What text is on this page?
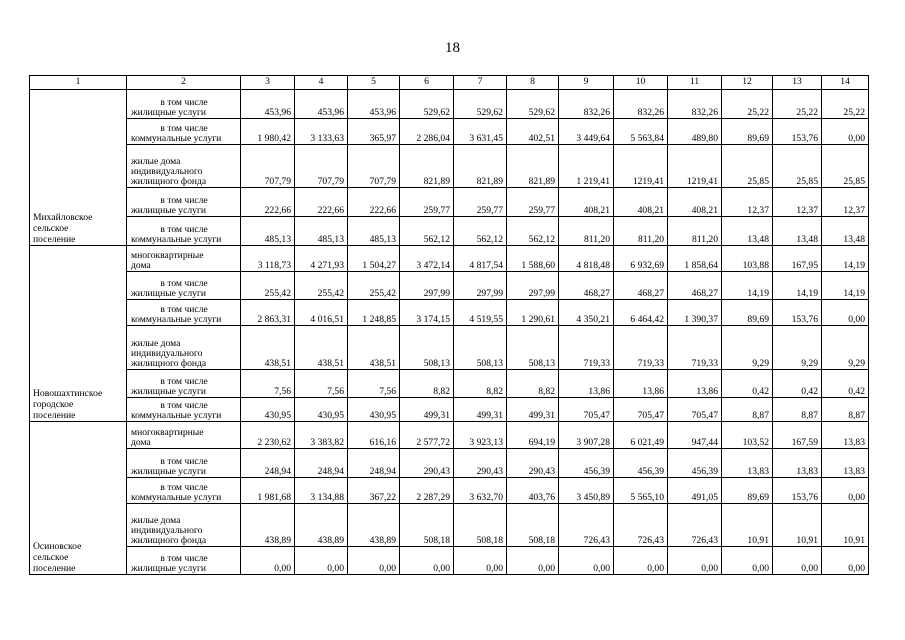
18
1	2	3	4	5	6	7	8	9	10	11	12	13	14

Михайловское
сельское
поселение	в том числе
жилищные услуги	453,96	453,96	453,96	529,62	529,62	529,62	832,26	832,26	832,26	25,22	25,22	25,22

	в том числе
коммунальные услуги	1 980,42	3 133,63	365,97	2 286,04	3 631,45	402,51	3 449,64	5 563,84	489,80	89,69	153,76	0,00

	жилые дома
индивидуального
жилищного фонда	707,79	707,79	707,79	821,89	821,89	821,89	1 219,41	1219,41	1219,41	25,85	25,85	25,85

	в том числе
жилищные услуги	222,66	222,66	222,66	259,77	259,77	259,77	408,21	408,21	408,21	12,37	12,37	12,37

	в том числе
коммунальные услуги	485,13	485,13	485,13	562,12	562,12	562,12	811,20	811,20	811,20	13,48	13,48	13,48

Новошахтинское
городское
поселение	многоквартирные
дома	3 118,73	4 271,93	1 504,27	3 472,14	4 817,54	1 588,60	4 818,48	6 932,69	1 858,64	103,88	167,95	14,19

	в том числе
жилищные услуги	255,42	255,42	255,42	297,99	297,99	297,99	468,27	468,27	468,27	14,19	14,19	14,19

	в том числе
коммунальные услуги	2 863,31	4 016,51	1 248,85	3 174,15	4 519,55	1 290,61	4 350,21	6 464,42	1 390,37	89,69	153,76	0,00

	жилые дома
индивидуального
жилищного фонда	438,51	438,51	438,51	508,13	508,13	508,13	719,33	719,33	719,33	9,29	9,29	9,29

	в том числе
жилищные услуги	7,56	7,56	7,56	8,82	8,82	8,82	13,86	13,86	13,86	0,42	0,42	0,42

	в том числе
коммунальные услуги	430,95	430,95	430,95	499,31	499,31	499,31	705,47	705,47	705,47	8,87	8,87	8,87

Осиновское
сельское
поселение	многоквартирные
дома	2 230,62	3 383,82	616,16	2 577,72	3 923,13	694,19	3 907,28	6 021,49	947,44	103,52	167,59	13,83

	в том числе
жилищные услуги	248,94	248,94	248,94	290,43	290,43	290,43	456,39	456,39	456,39	13,83	13,83	13,83

	в том числе
коммунальные услуги	1 981,68	3 134,88	367,22	2 287,29	3 632,70	403,76	3 450,89	5 565,10	491,05	89,69	153,76	0,00

	жилые дома
индивидуального
жилищного фонда	438,89	438,89	438,89	508,18	508,18	508,18	726,43	726,43	726,43	10,91	10,91	10,91

	в том числе
жилищные услуги	0,00	0,00	0,00	0,00	0,00	0,00	0,00	0,00	0,00	0,00	0,00	0,00
